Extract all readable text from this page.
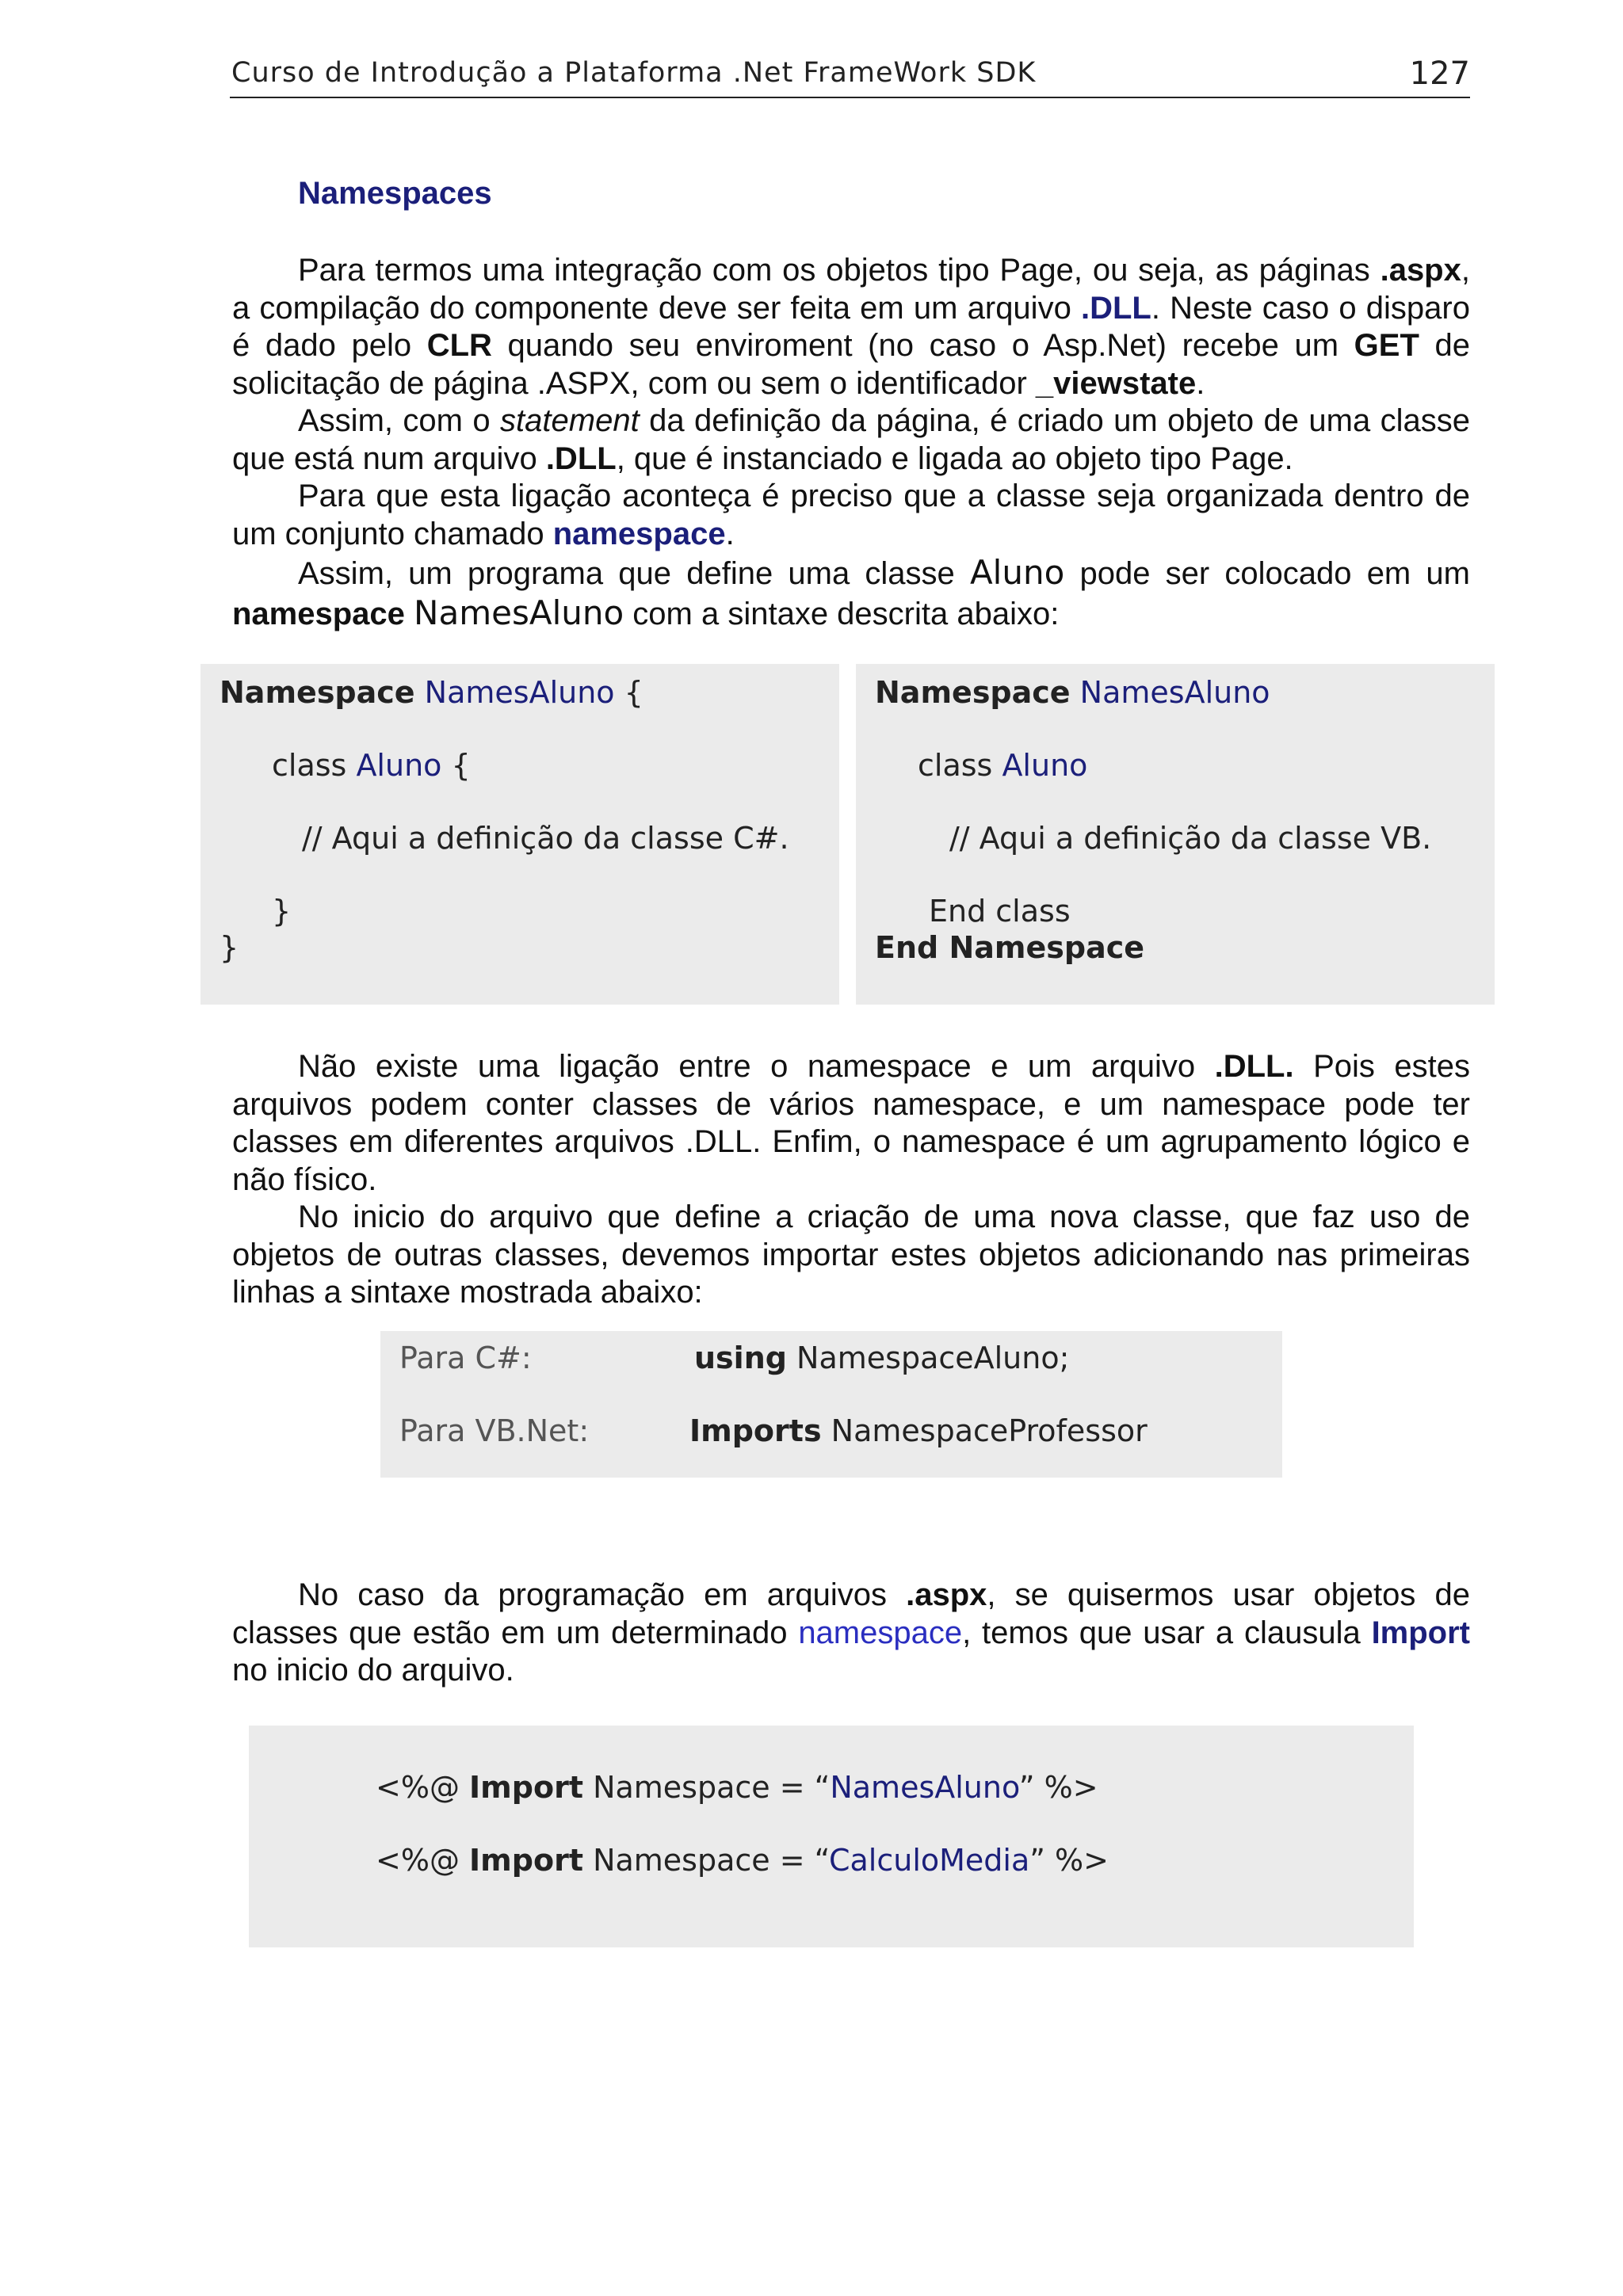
Curso de Introdução a Plataforma .Net FrameWork SDK	127
Namespaces

Para termos uma integração com os objetos tipo Page, ou seja, as páginas .aspx, a compilação do componente deve ser feita em um arquivo .DLL. Neste caso o disparo é dado pelo CLR quando seu enviroment (no caso o Asp.Net) recebe um GET de solicitação de página .ASPX, com ou sem o identificador _viewstate.

Assim, com o statement da definição da página, é criado um objeto de uma classe que está num arquivo .DLL, que é instanciado e ligada ao objeto tipo Page.

Para que esta ligação aconteça é preciso que a classe seja organizada dentro de um conjunto chamado namespace.

Assim, um programa que define uma classe Aluno pode ser colocado em um namespace NamesAluno com a sintaxe descrita abaixo:

Namespace NamesAluno {
class Aluno {
// Aqui a definição da classe C#.
}
}
Namespace NamesAluno
class Aluno
// Aqui a definição da classe VB.
End class
End Namespace

Não existe uma ligação entre o namespace e um arquivo .DLL. Pois estes arquivos podem conter classes de vários namespace, e um namespace pode ter classes em diferentes arquivos .DLL. Enfim, o namespace é um agrupamento lógico e não físico.

No inicio do arquivo que define a criação de uma nova classe, que faz uso de objetos de outras classes, devemos importar estes objetos adicionando nas primeiras linhas a sintaxe mostrada abaixo:

Para C#:	using NamespaceAluno;
Para VB.Net:	Imports NamespaceProfessor

No caso da programação em arquivos .aspx, se quisermos usar objetos de classes que estão em um determinado namespace, temos que usar a clausula Import no inicio do arquivo.

<%@ Import Namespace = “NamesAluno” %>
<%@ Import Namespace = “CalculoMedia” %>
